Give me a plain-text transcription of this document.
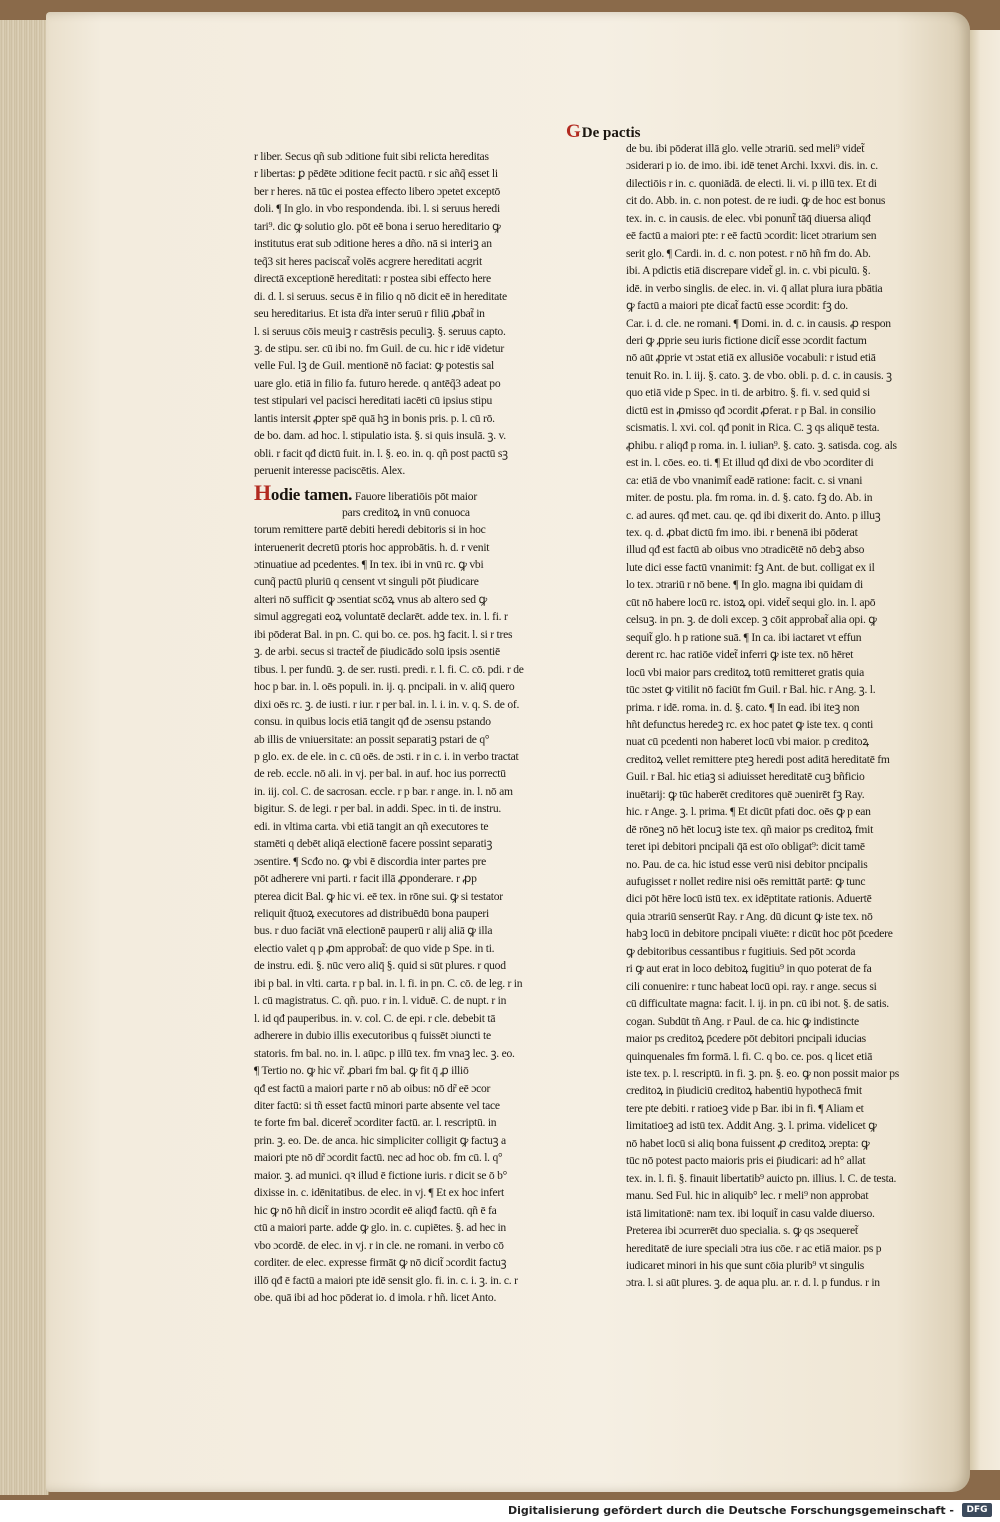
GDe pactis
r liber. Secus qñ sub ɔditione fuit sibi relicta hereditas
r libertas: ꝑ pēdēte ɔditione fecit pactū. r sic añq̃ esset li
ber r heres. nā tūc ei postea effecto libero ɔpetet exceptō
doli. ¶ In glo. in vbo respondenda. ibi. l. si seruus heredi
tari⁹. dic ꝙ solutio glo. pōt eē bona i seruo hereditario ꝙ
institutus erat sub ɔditione heres a dño. nā si interiꝫ an
teq̃3 sit heres paciscat̃ volēs acgrere hereditati acgrit
directā exceptionē hereditati: r postea sibi effecto here
di. d. l. si seruus. secus ē in filio q nō dicit eē in hereditate
seu hereditarius. Et ista dr̃a inter seruū r filiū ꝓbat̃ in
l. si seruus cōis meuiꝫ r castrēsis peculiꝫ. §. seruus capto.
ꝫ. de stipu. ser. cū ibi no. fm Guil. de cu. hic r idē videtur
velle Ful. lꝫ de Guil. mentionē nō faciat: ꝙ potestis sal
uare glo. etiā in filio fa. futuro herede. q antēq̃3 adeat po
test stipulari vel pacisci hereditati iacēti cū ipsius stipu
lantis intersit ꝓpter spē quā hꝫ in bonis pris. p. l. cū rō.
de bo. dam. ad hoc. l. stipulatio ista. §. si quis insulā. ꝫ. v.
obli. r facit qđ dictū fuit. in. l. §. eo. in. q. qñ post pactū sꝫ
peruenit interesse paciscētis. Alex.
Hodie tamen. Fauore liberatiōis pōt maior
pars creditoꝝ in vnū conuoca
torum remittere partē debiti heredi debitoris si in hoc
interuenerit decretū ptoris hoc approbātis. h. d. r venit
ɔtinuatiue ad pcedentes. ¶ In tex. ibi in vnū rc. ꝙ vbi
cunq̃ pactū pluriū q censent vt singuli pōt p̄iudicare
alteri nō sufficit ꝙ ɔsentiat scōꝝ vnus ab altero sed ꝙ
simul aggregati eoꝝ voluntatē declarēt. adde tex. in. l. fi. r
ibi pōderat Bal. in pn. C. qui bo. ce. pos. hꝫ facit. l. si r tres
ꝫ. de arbi. secus si tractet̃ de p̄iudicādo solū ipsis ɔsentiē
tibus. l. per fundū. ꝫ. de ser. rusti. predi. r. l. fi. C. cō. pdi. r de
hoc p bar. in. l. oēs populi. in. ij. q. pncipali. in v. aliq̄ quero
dixi oēs rc. ꝫ. de iusti. r iur. r per bal. in. l. i. in. v. q. S. de of.
consu. in quibus locis etiā tangit qđ de ɔsensu pstando
ab illis de vniuersitate: an possit separatiꝫ pstari de q°
p glo. ex. de ele. in c. cū oēs. de ɔsti. r in c. i. in verbo tractat
de reb. eccle. nō ali. in vj. per bal. in auf. hoc ius porrectū
in. iij. col. C. de sacrosan. eccle. r p bar. r ange. in. l. nō am
bigitur. S. de legi. r per bal. in addi. Spec. in ti. de instru.
edi. in vltima carta. vbi etiā tangit an qñ executores te
stamēti q debēt aliqā electionē facere possint separatiꝫ
ɔsentire. ¶ Scđo no. ꝙ vbi ē discordia inter partes pre
pōt adherere vni parti. r facit illā ꝓponderare. r ꝓp
pterea dicit Bal. ꝙ hic vi. eē tex. in rōne sui. ꝙ si testator
reliquit q̃tuoꝝ executores ad distribuēdū bona pauperi
bus. r duo faciāt vnā electionē pauperū r alij aliā ꝙ illa
electio valet q p ꝓm approbat̃: de quo vide p Spe. in ti.
de instru. edi. §. nūc vero aliq̄ §. quid si sūt plures. r quod
ibi p bal. in vlti. carta. r p bal. in. l. fi. in pn. C. cō. de leg. r in
l. cū magistratus. C. qñ. puo. r in. l. viduē. C. de nupt. r in
l. id qđ pauperibus. in. v. col. C. de epi. r cle. debebit tā
adherere in dubio illis executoribus q fuissēt ɔiuncti te
statoris. fm bal. no. in. l. aūpc. p illū tex. fm vnaꝫ lec. ꝫ. eo.
¶ Tertio no. ꝙ hic vr̃. ꝓbari fm bal. ꝙ fit q̄ ꝓ illiō
qđ est factū a maiori parte r nō ab oibus: nō dr̃ eē ɔcor
diter factū: si tñ esset factū minori parte absente vel tace
te forte fm bal. diceret̃ ɔcorditer factū. ar. l. rescriptū. in
prin. ꝫ. eo. De. de anca. hic simpliciter colligit ꝙ factuꝫ a
maiori pte nō dr̃ ɔcordit factū. nec ad hoc ob. fm cū. l. q°
maior. ꝫ. ad munici. qꝛ illud ē fictione iuris. r dicit se ō b°
dixisse in. c. idēnitatibus. de elec. in vj. ¶ Et ex hoc infert
hic ꝙ nō hñ dicit̃ in instro ɔcordit eē aliqđ factū. qñ ē fa
ctū a maiori parte. adde ꝙ glo. in. c. cupiētes. §. ad hec in
vbo ɔcordē. de elec. in vj. r in cle. ne romani. in verbo cō
corditer. de elec. expresse firmāt ꝙ nō dicit̃ ɔcordit factuꝫ
illō qđ ē factū a maiori pte idē sensit glo. fi. in. c. i. ꝫ. in. c. r
obe. quā ibi ad hoc pōderat io. d imola. r hñ. licet Anto.
de bu. ibi pōderat illā glo. velle ɔtrariū. sed meli⁹ videt̃
ɔsiderari p io. de imo. ibi. idē tenet Archi. lxxvi. dis. in. c.
dilectiōis r in. c. quoniādā. de electi. li. vi. p illū tex. Et di
cit do. Abb. in. c. non potest. de re iudi. ꝙ de hoc est bonus
tex. in. c. in causis. de elec. vbi ponunt̃ tāq̄ diuersa aliqđ
eē factū a maiori pte: r eē factū ɔcordit: licet ɔtrarium sen
serit glo. ¶ Cardi. in. d. c. non potest. r nō hñ fm do. Ab.
ibi. A pdictis etiā discrepare videt̃ gl. in. c. vbi piculū. §.
idē. in verbo singlis. de elec. in. vi. q̄ allat plura iura pbātia
ꝙ factū a maiori pte dicat̃ factū esse ɔcordit: fꝫ do.
Car. i. d. cle. ne romani. ¶ Domi. in. d. c. in causis. ꝓ respon
deri ꝙ ꝓprie seu iuris fictione dicit̃ esse ɔcordit factum
nō aūt ꝓprie vt ɔstat etiā ex allusiōe vocabuli: r istud etiā
tenuit Ro. in. l. iij. §. cato. ꝫ. de vbo. obli. p. d. c. in causis. ꝫ
quo etiā vide p Spec. in ti. de arbitro. §. fi. v. sed quid si
dictū est in ꝓmisso qđ ɔcordit ꝓferat. r p Bal. in consilio
scismatis. l. xvi. col. qđ ponit in Rica. C. ꝫ qs aliquē testa.
ꝓhibu. r aliqđ p roma. in. l. iulian⁹. §. cato. ꝫ. satisda. cog. als
est in. l. cōes. eo. ti. ¶ Et illud qđ dixi de vbo ɔcorditer di
ca: etiā de vbo vnanimit̃ eadē ratione: facit. c. si vnani
miter. de postu. pla. fm roma. in. d. §. cato. fꝫ do. Ab. in
c. ad aures. qđ met. cau. qe. qd ibi dixerit do. Anto. p illuꝫ
tex. q. d. ꝓbat dictū fm imo. ibi. r benenā ibi pōderat
illud qđ est factū ab oibus vno ɔtradicētē nō debꝫ abso
lute dici esse factū vnanimit: fꝫ Ant. de but. colligat ex il
lo tex. ɔtrariū r nō bene. ¶ In glo. magna ibi quidam di
cūt nō habere locū rc. istoꝝ opi. videt̃ sequi glo. in. l. apō
celsuꝫ. in pn. ꝫ. de doli excep. ꝫ cōit approbat̃ alia opi. ꝙ
sequit̃ glo. h p ratione suā. ¶ In ca. ibi iactaret vt effun
derent rc. hac ratiōe videt̃ inferri ꝙ iste tex. nō hēret
locū vbi maior pars creditoꝝ totū remitteret gratis quia
tūc ɔstet ꝙ vitilit nō faciūt fm Guil. r Bal. hic. r Ang. ꝫ. l.
prima. r idē. roma. in. d. §. cato. ¶ In ead. ibi iteꝫ non
hñt defunctus heredeꝫ rc. ex hoc patet ꝙ iste tex. q conti
nuat cū pcedenti non haberet locū vbi maior. p creditoꝝ
creditoꝝ vellet remittere pteꝫ heredi post aditā hereditatē fm
Guil. r Bal. hic etiaꝫ si adiuisset hereditatē cuꝫ bñficio
inuētarij: ꝙ tūc haberēt creditores quē ɔuenirēt fꝫ Ray.
hic. r Ange. ꝫ. l. prima. ¶ Et dicūt pfati doc. oēs ꝙ p ean
dē rōneꝫ nō hēt locuꝫ iste tex. qñ maior ps creditoꝝ fmit
teret ipi debitori pncipali q̄ā est oīo obligat⁹: dicit tamē
no. Pau. de ca. hic istud esse verū nisi debitor pncipalis
aufugisset r nollet redire nisi oēs remittāt partē: ꝙ tunc
dici pōt hēre locū istū tex. ex idēptitate rationis. Aduertē
quia ɔtrariū senserūt Ray. r Ang. dū dicunt ꝙ iste tex. nō
habꝫ locū in debitore pncipali viuēte: r dicūt hoc pōt p̄cedere
ꝙ debitoribus cessantibus r fugitiuis. Sed pōt ɔcorda
ri ꝙ aut erat in loco debitoꝝ fugitiu⁹ in quo poterat de fa
cili conuenire: r tunc habeat locū opi. ray. r ange. secus si
cū difficultate magna: facit. l. ij. in pn. cū ibi not. §. de satis.
cogan. Subdūt tñ Ang. r Paul. de ca. hic ꝙ indistincte
maior ps creditoꝝ p̄cedere pōt debitori pncipali iducias
quinquenales fm formā. l. fi. C. q bo. ce. pos. q licet etiā
iste tex. p. l. rescriptū. in fi. ꝫ. pn. §. eo. ꝙ non possit maior ps
creditoꝝ in p̄iudiciū creditoꝝ habentiū hypothecā fmit
tere pte debiti. r ratioeꝫ vide p Bar. ibi in fi. ¶ Aliam et
limitatioeꝫ ad istū tex. Addit Ang. ꝫ. l. prima. videlicet ꝙ
nō habet locū si aliq bona fuissent ꝓ creditoꝝ ɔrepta: ꝙ
tūc nō potest pacto maioris pris ei p̄iudicari: ad h° allat
tex. in. l. fi. §. finauit libertatib⁹ auicto pn. illius. l. C. de testa.
manu. Sed Ful. hic in aliquib° lec. r meli⁹ non approbat
istā limitationē: nam tex. ibi loquit̃ in casu valde diuerso.
Preterea ibi ɔcurrerēt duo specialia. s. ꝙ qs ɔsequeret̃
hereditatē de iure speciali ɔtra ius cōe. r ac etiā maior. ps p
iudicaret minori in his que sunt cōia plurib⁹ vt singulis
ɔtra. l. si aūt plures. ꝫ. de aqua plu. ar. r. d. l. p fundus. r in
Digitalisierung gefördert durch die Deutsche Forschungsgemeinschaft -	DFG
